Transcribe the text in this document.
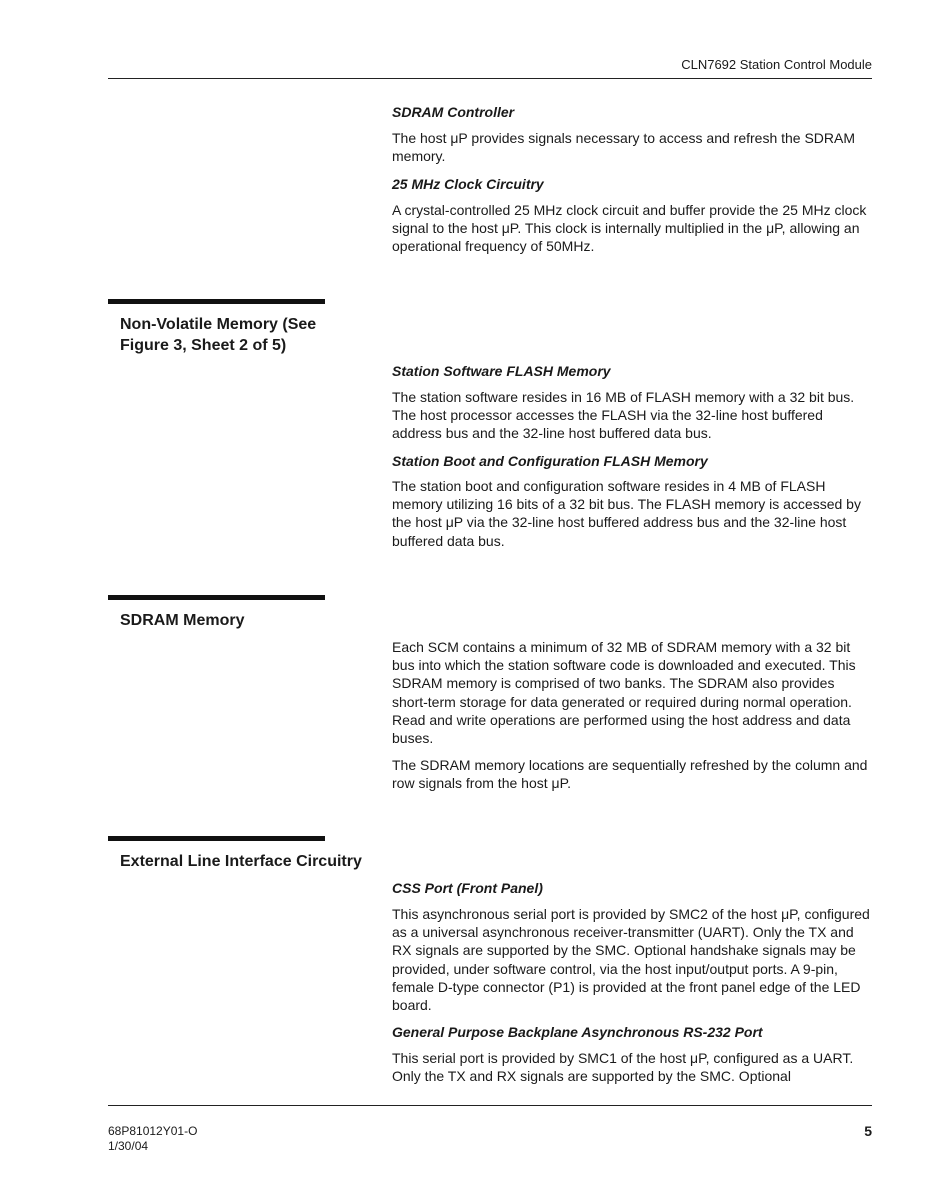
CLN7692 Station Control Module
SDRAM Controller

The host μP provides signals necessary to access and refresh the SDRAM memory.

25 MHz Clock Circuitry

A crystal-controlled 25 MHz clock circuit and buffer provide the 25 MHz clock signal to the host μP. This clock is internally multiplied in the μP, allowing an operational frequency of 50MHz.

Non-Volatile Memory (See Figure 3, Sheet 2 of 5)
Station Software FLASH Memory

The station software resides in 16 MB of FLASH memory with a 32 bit bus. The host processor accesses the FLASH via the 32-line host buffered address bus and the 32-line host buffered data bus.

Station Boot and Configuration FLASH Memory

The station boot and configuration software resides in 4 MB of FLASH memory utilizing 16 bits of a 32 bit bus. The FLASH memory is accessed by the host μP via the 32-line host buffered address bus and the 32-line host buffered data bus.

SDRAM Memory

Each SCM contains a minimum of 32 MB of SDRAM memory with a 32 bit bus into which the station software code is downloaded and executed. This SDRAM memory is comprised of two banks. The SDRAM also provides short-term storage for data generated or required during normal operation. Read and write operations are performed using the host address and data buses.

The SDRAM memory locations are sequentially refreshed by the column and row signals from the host μP.

External Line Interface Circuitry
CSS Port (Front Panel)

This asynchronous serial port is provided by SMC2 of the host μP, configured as a universal asynchronous receiver-transmitter (UART). Only the TX and RX signals are supported by the SMC. Optional handshake signals may be provided, under software control, via the host input/output ports. A 9-pin, female D-type connector (P1) is provided at the front panel edge of the LED board.

General Purpose Backplane Asynchronous RS-232 Port

This serial port is provided by SMC1 of the host μP, configured as a UART. Only the TX and RX signals are supported by the SMC. Optional

68P81012Y01-O
1/30/04
5
